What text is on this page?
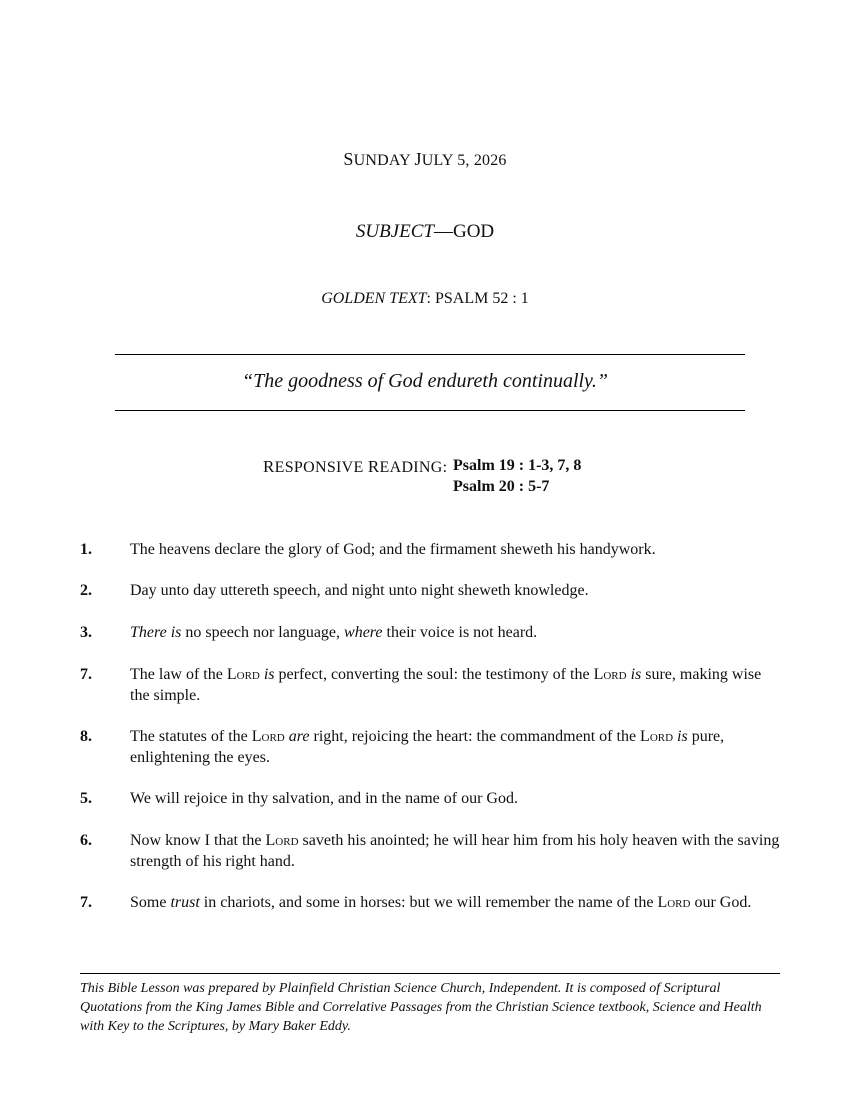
SUNDAY JULY 5, 2026
SUBJECT—GOD
GOLDEN TEXT: PSALM 52 : 1
“The goodness of God endureth continually.”
RESPONSIVE READING: Psalm 19 : 1-3, 7, 8
Psalm 20 : 5-7
1.	The heavens declare the glory of God; and the firmament sheweth his handywork.
2.	Day unto day uttereth speech, and night unto night sheweth knowledge.
3.	There is no speech nor language, where their voice is not heard.
7.	The law of the Lord is perfect, converting the soul: the testimony of the Lord is sure, making wise the simple.
8.	The statutes of the Lord are right, rejoicing the heart: the commandment of the Lord is pure, enlightening the eyes.
5.	We will rejoice in thy salvation, and in the name of our God.
6.	Now know I that the Lord saveth his anointed; he will hear him from his holy heaven with the saving strength of his right hand.
7.	Some trust in chariots, and some in horses: but we will remember the name of the Lord our God.
This Bible Lesson was prepared by Plainfield Christian Science Church, Independent. It is composed of Scriptural Quotations from the King James Bible and Correlative Passages from the Christian Science textbook, Science and Health with Key to the Scriptures, by Mary Baker Eddy.
